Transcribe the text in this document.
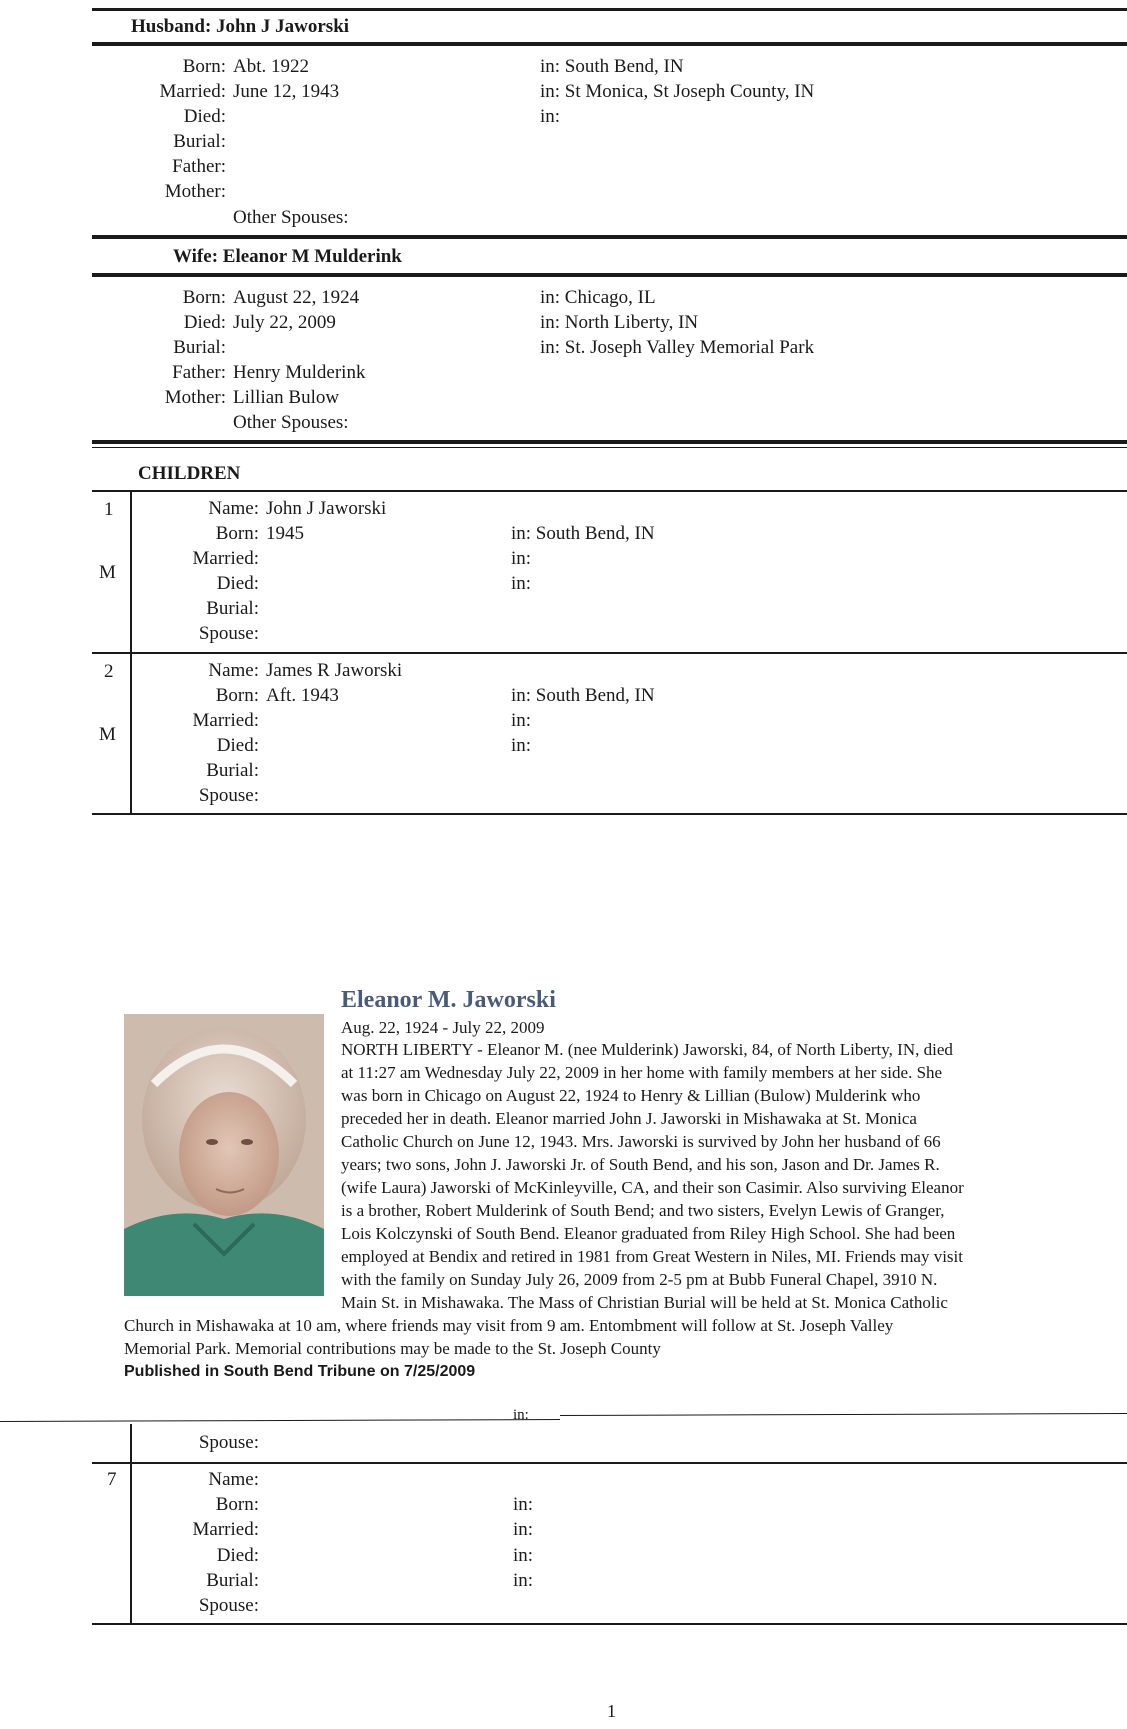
Husband: John J Jaworski
Born: Abt. 1922	in: South Bend, IN
Married: June 12, 1943	in: St Monica, St Joseph County, IN
Died:	in:
Burial:
Father:
Mother:
Other Spouses:
Wife: Eleanor M Mulderink
Born: August 22, 1924	in: Chicago, IL
Died: July 22, 2009	in: North Liberty, IN
Burial:	in: St. Joseph Valley Memorial Park
Father: Henry Mulderink
Mother: Lillian Bulow
Other Spouses:
CHILDREN
1
M
Name: John J Jaworski
Born: 1945	in: South Bend, IN
Married:	in:
Died:	in:
Burial:
Spouse:
2
M
Name: James R Jaworski
Born: Aft. 1943	in: South Bend, IN
Married:	in:
Died:	in:
Burial:
Spouse:
Eleanor M. Jaworski
Aug. 22, 1924 - July 22, 2009
NORTH LIBERTY - Eleanor M. (nee Mulderink) Jaworski, 84, of North Liberty, IN, died
at 11:27 am Wednesday July 22, 2009 in her home with family members at her side. She
was born in Chicago on August 22, 1924 to Henry & Lillian (Bulow) Mulderink who
preceded her in death. Eleanor married John J. Jaworski in Mishawaka at St. Monica
Catholic Church on June 12, 1943. Mrs. Jaworski is survived by John her husband of 66
years; two sons, John J. Jaworski Jr. of South Bend, and his son, Jason and Dr. James R.
(wife Laura) Jaworski of McKinleyville, CA, and their son Casimir. Also surviving Eleanor
is a brother, Robert Mulderink of South Bend; and two sisters, Evelyn Lewis of Granger,
Lois Kolczynski of South Bend. Eleanor graduated from Riley High School. She had been
employed at Bendix and retired in 1981 from Great Western in Niles, MI. Friends may visit
with the family on Sunday July 26, 2009 from 2-5 pm at Bubb Funeral Chapel, 3910 N.
Main St. in Mishawaka. The Mass of Christian Burial will be held at St. Monica Catholic
Church in Mishawaka at 10 am, where friends may visit from 9 am. Entombment will follow at St. Joseph Valley
Memorial Park. Memorial contributions may be made to the St. Joseph County
Published in South Bend Tribune on 7/25/2009
in:
Spouse:
7	Name:
Born:	in:
Married:	in:
Died:	in:
Burial:	in:
Spouse:
1
